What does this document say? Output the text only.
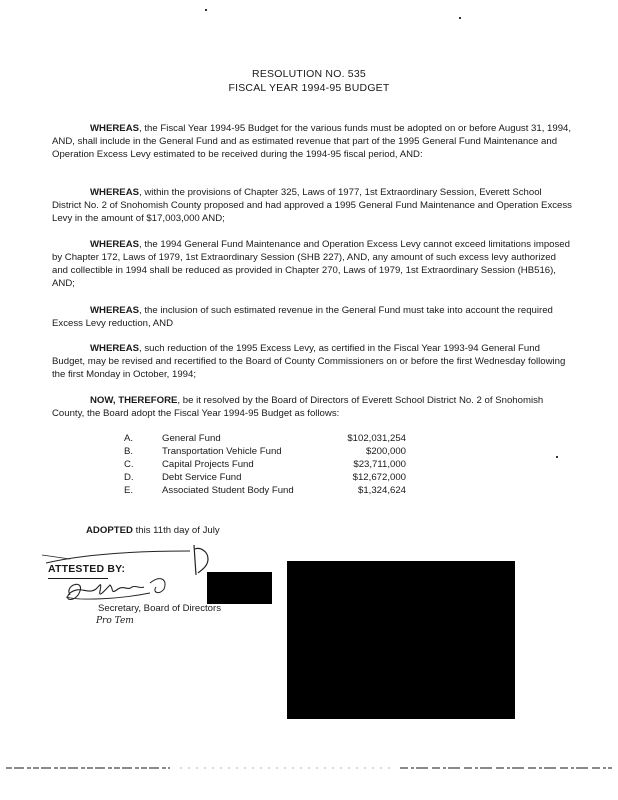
RESOLUTION NO. 535
FISCAL YEAR 1994-95 BUDGET
WHEREAS, the Fiscal Year 1994-95 Budget for the various funds must be adopted on or before August 31, 1994, AND, shall include in the General Fund and as estimated revenue that part of the 1995 General Fund Maintenance and Operation Excess Levy estimated to be received during the 1994-95 fiscal period, AND:
WHEREAS, within the provisions of Chapter 325, Laws of 1977, 1st Extraordinary Session, Everett School District No. 2 of Snohomish County proposed and had approved a 1995 General Fund Maintenance and Operation Excess Levy in the amount of $17,003,000 AND;
WHEREAS, the 1994 General Fund Maintenance and Operation Excess Levy cannot exceed limitations imposed by Chapter 172, Laws of 1979, 1st Extraordinary Session (SHB 227), AND, any amount of such excess levy authorized and collectible in 1994 shall be reduced as provided in Chapter 270, Laws of 1979, 1st Extraordinary Session (HB516), AND;
WHEREAS, the inclusion of such estimated revenue in the General Fund must take into account the required Excess Levy reduction, AND
WHEREAS, such reduction of the 1995 Excess Levy, as certified in the Fiscal Year 1993-94 General Fund Budget, may be revised and recertified to the Board of County Commissioners on or before the first Wednesday following the first Monday in October, 1994;
NOW, THEREFORE, be it resolved by the Board of Directors of Everett School District No. 2 of Snohomish County, the Board adopt the Fiscal Year 1994-95 Budget as follows:
A.	General Fund	$102,031,254
B.	Transportation Vehicle Fund	$200,000
C.	Capital Projects Fund	$23,711,000
D.	Debt Service Fund	$12,672,000
E.	Associated Student Body Fund	$1,324,624
ADOPTED this 11th day of July
ATTESTED BY:
Secretary, Board of Directors
Pro Tem
